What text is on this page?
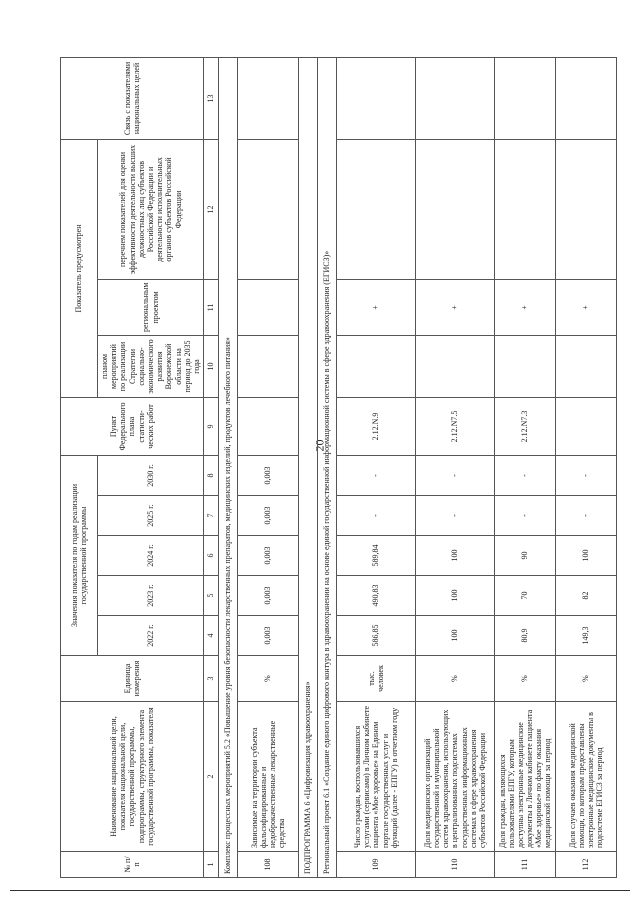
20
№ п/п	Наименование национальной цели, показателя национальной цели, государственной программы, подпрограммы, структурного элемента государственной программы, показателя	Единица измерения	Значения показателя по годам реализации государственной программы					Пункт Федерального плана статисти-ческих работ	Показатель предусмотрен			Связь с показателями национальных целей
			2022 г.	2023 г.	2024 г.	2025 г.	2030 г.		планом мероприятий по реализации Стратегии социально-экономического развития Воронежской области на период до 2035 года	региональным проектом	перечнем показателей для оценки эффективности деятельности высших должностных лиц субъектов Российской Федерации и деятельности исполнительных органов субъектов Российской Федерации	

1	2	3	4	5	6	7	8	9	10	11	12	13
Комплекс процессных мероприятий 5.2 «Повышение уровня безопасности лекарственных препаратов, медицинских изделий, продуктов лечебного питания»												
108	Зависимые на территории субъекта фальсифицированные и недоброкачественные лекарственные средства	%	0,003	0,003	0,003	0,003	0,003					
ПОДПРОГРАММА 6 «Цифровизация здравоохранения»												
Региональный проект 6.1 «Создание единого цифрового контура в здравоохранении на основе единой государственной информационной системы в сфере здравоохранения (ЕГИСЗ)»												
109	Число граждан, воспользовавшихся услугами (сервисами) в Личном кабинете пациента «Мое здоровье» на Едином портале государственных услуг и функций (далее - ЕПГУ) в отчетном году	тыс. человек	586,85	490,83	589,84	-	-	2.12.N.9		+		
110	Доля медицинских организаций государственной и муниципальной систем здравоохранения, использующих в централизованных подсистемах государственных информационных системах в сфере здравоохранения субъектов Российской Федерации	%	100	100	100	-	-	2.12.N7.5		+		
111	Доля граждан, являющихся пользователями ЕПГУ, которым доступны электронные медицинские документы в Личном кабинете пациента «Мое здоровье» по факту оказания медицинской помощи за период	%	80,9	70	90	-	-	2.12.N7.3		+		
112	Доля случаев оказания медицинской помощи, по которым предоставлены электронные медицинские документы в подсистеме ЕГИСЗ за период	%	149,3	82	100	-	-			+		
